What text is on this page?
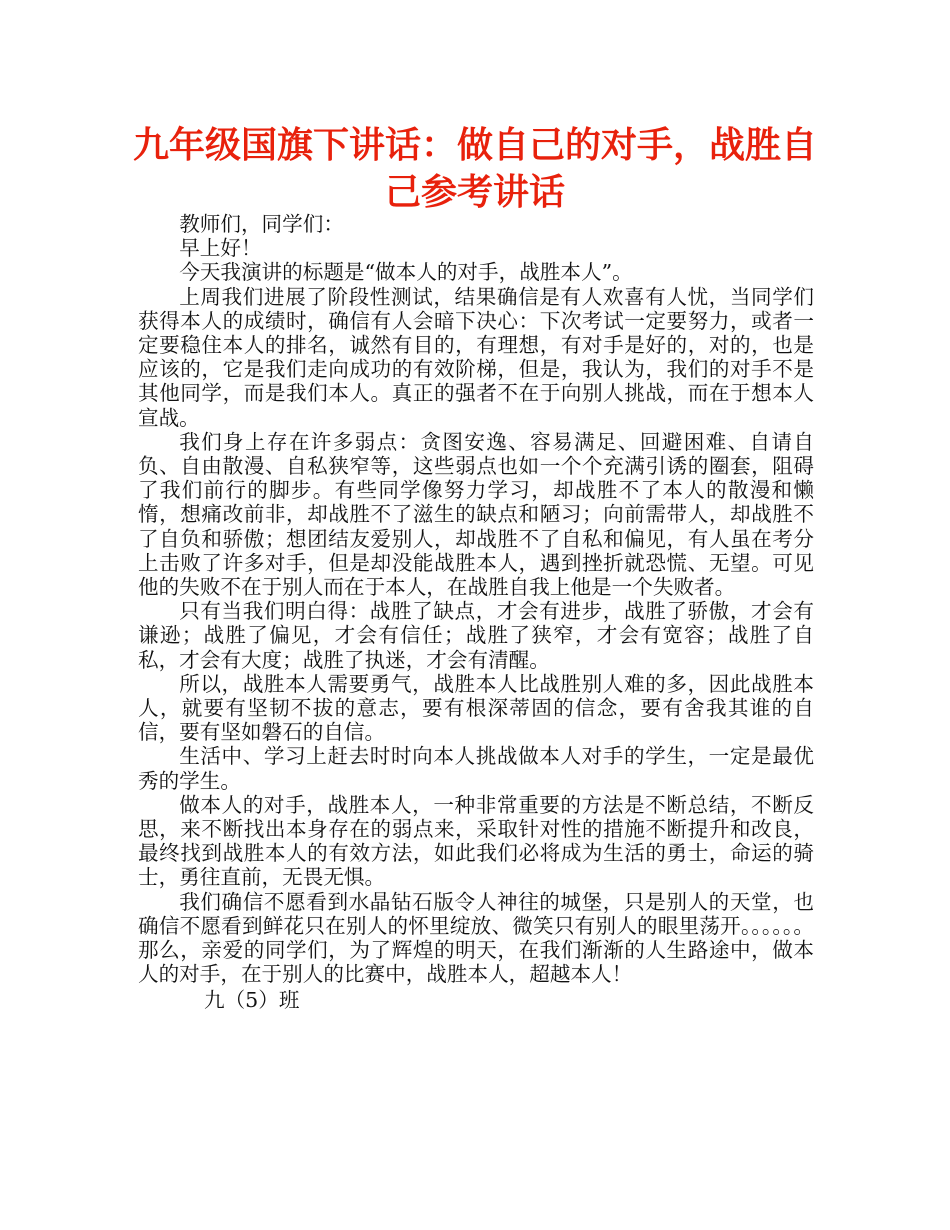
九年级国旗下讲话：做自己的对手，战胜自己参考讲话

教师们，同学们：

早上好！

今天我演讲的标题是“做本人的对手，战胜本人”。

上周我们进展了阶段性测试，结果确信是有人欢喜有人忧，当同学们获得本人的成绩时，确信有人会暗下决心：下次考试一定要努力，或者一定要稳住本人的排名，诚然有目的，有理想，有对手是好的，对的，也是应该的，它是我们走向成功的有效阶梯，但是，我认为，我们的对手不是其他同学，而是我们本人。真正的强者不在于向别人挑战，而在于想本人宣战。

我们身上存在许多弱点：贪图安逸、容易满足、回避困难、自请自负、自由散漫、自私狭窄等，这些弱点也如一个个充满引诱的圈套，阻碍了我们前行的脚步。有些同学像努力学习，却战胜不了本人的散漫和懒惰，想痛改前非，却战胜不了滋生的缺点和陋习；向前需带人，却战胜不了自负和骄傲；想团结友爱别人，却战胜不了自私和偏见，有人虽在考分上击败了许多对手，但是却没能战胜本人，遇到挫折就恐慌、无望。可见他的失败不在于别人而在于本人，在战胜自我上他是一个失败者。

只有当我们明白得：战胜了缺点，才会有进步，战胜了骄傲，才会有谦逊；战胜了偏见，才会有信任；战胜了狭窄，才会有宽容；战胜了自私，才会有大度；战胜了执迷，才会有清醒。

所以，战胜本人需要勇气，战胜本人比战胜别人难的多，因此战胜本人，就要有坚韧不拔的意志，要有根深蒂固的信念，要有舍我其谁的自信，要有坚如磐石的自信。

生活中、学习上赶去时时向本人挑战做本人对手的学生，一定是最优秀的学生。

做本人的对手，战胜本人，一种非常重要的方法是不断总结，不断反思，来不断找出本身存在的弱点来，采取针对性的措施不断提升和改良，最终找到战胜本人的有效方法，如此我们必将成为生活的勇士，命运的骑士，勇往直前，无畏无惧。

我们确信不愿看到水晶钻石版令人神往的城堡，只是别人的天堂，也确信不愿看到鲜花只在别人的怀里绽放、微笑只有别人的眼里荡开。。。。。。那么，亲爱的同学们，为了辉煌的明天，在我们渐渐的人生路途中，做本人的对手，在于别人的比赛中，战胜本人，超越本人！

九（5）班
